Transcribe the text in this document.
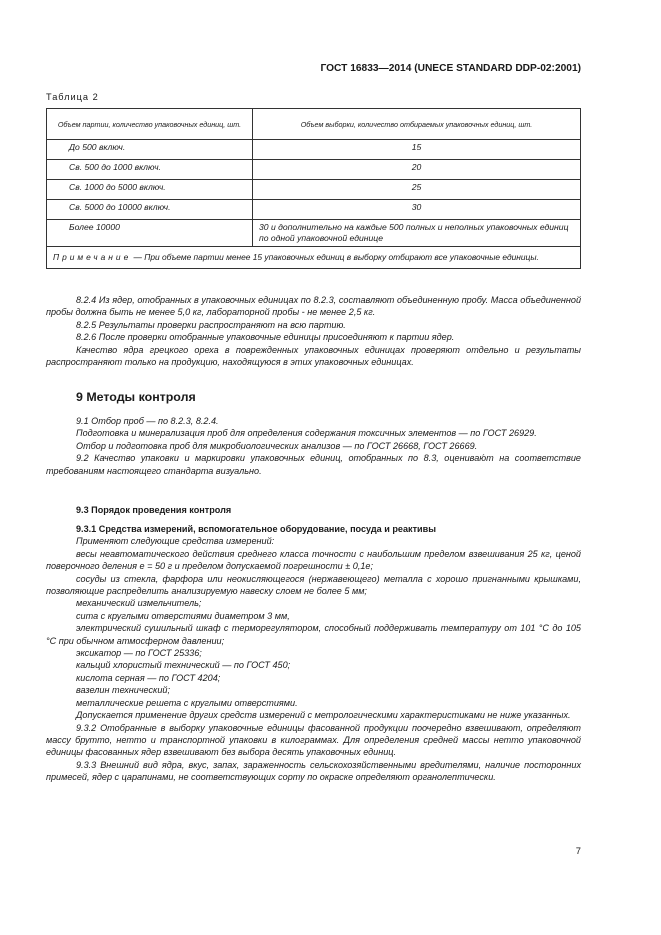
ГОСТ 16833—2014 (UNECE STANDARD DDP-02:2001)
Таблица 2
Объем партии, количество упаковочных единиц, шт.	Объем выборки, количество отбираемых упаковочных единиц, шт.
До 500 включ.	15
Св. 500 до 1000 включ.	20
Св. 1000 до 5000 включ.	25
Св. 5000 до 10000 включ.	30
Более 10000	30 и дополнительно на каждые 500 полных и неполных упаковочных единиц по одной упаковочной единице
Примечание — При объеме партии менее 15 упаковочных единиц в выборку отбирают все упаковочные единицы.	

8.2.4 Из ядер, отобранных в упаковочных единицах по 8.2.3, составляют объединенную пробу. Масса объединенной пробы должна быть не менее 5,0 кг, лабораторной пробы - не менее 2,5 кг.

8.2.5 Результаты проверки распространяют на всю партию.

8.2.6 После проверки отобранные упаковочные единицы присоединяют к партии ядер.

Качество ядра грецкого ореха в поврежденных упаковочных единицах проверяют отдельно и результаты распространяют только на продукцию, находящуюся в этих упаковочных единицах.

9 Методы контроля

9.1 Отбор проб — по 8.2.3, 8.2.4.

Подготовка и минерализация проб для определения содержания токсичных элементов — по ГОСТ 26929.

Отбор и подготовка проб для микробиологических анализов — по ГОСТ 26668, ГОСТ 26669.

9.2 Качество упаковки и маркировки упаковочных единиц, отобранных по 8.3, оцениваю́т на соответствие требованиям настоящего стандарта визуально.

9.3 Порядок проведения контроля

9.3.1 Средства измерений, вспомогательное оборудование, посуда и реактивы

Применяют следующие средства измерений:

весы неавтоматического действия среднего класса точности с наибольшим пределом взвешивания 25 кг, ценой поверочного деления e = 50 г и пределом допускаемой погрешности ± 0,1e;

сосуды из стекла, фарфора или неокисляющегося (нержавеющего) металла с хорошо пригнанными крышками, позволяющие распределить анализируемую навеску слоем не более 5 мм;

механический измельчитель;

сита с круглыми отверстиями диаметром 3 мм,

электрический сушильный шкаф с терморегулятором, способный поддерживать температуру от 101 °С до 105 °С при обычном атмосферном давлении;

эксикатор — по ГОСТ 25336;

кальций хлористый технический — по ГОСТ 450;

кислота серная — по ГОСТ 4204;

вазелин технический;

металлические решета с круглыми отверстиями.

Допускается применение других средств измерений с метрологическими характеристиками не ниже указанных.

9.3.2 Отобранные в выборку упаковочные единицы фасованной продукции поочередно взвешивают, определяют массу брутто, нетто и транспортной упаковки в килограммах. Для определения средней массы нетто упаковочной единицы фасованных ядер взвешивают без выбора десять упаковочных единиц.

9.3.3 Внешний вид ядра, вкус, запах, зараженность сельскохозяйственными вредителями, наличие посторонних примесей, ядер с царапинами, не соответствующих сорту по окраске определяют органолептически.

7
